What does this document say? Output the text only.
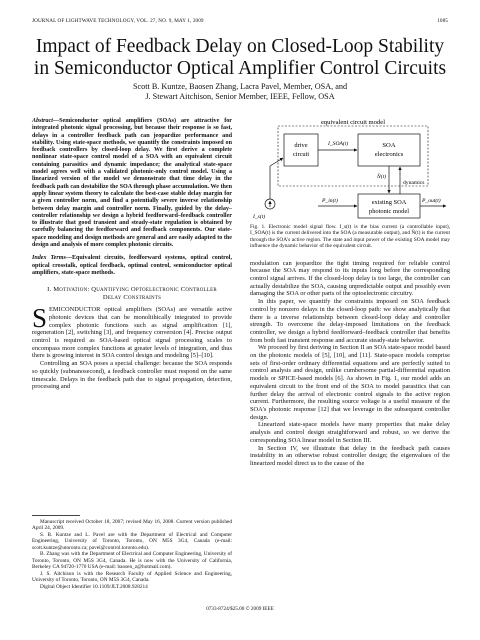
JOURNAL OF LIGHTWAVE TECHNOLOGY, VOL. 27, NO. 9, MAY 1, 2009	1085
Impact of Feedback Delay on Closed-Loop Stability
in Semiconductor Optical Amplifier Control Circuits
Scott B. Kuntze, Baosen Zhang, Lacra Pavel, Member, OSA, and
J. Stewart Aitchison, Senior Member, IEEE, Fellow, OSA

Abstract—Semiconductor optical amplifiers (SOAs) are attractive for integrated photonic signal processing, but because their response is so fast, delays in a controller feedback path can jeopardize performance and stability. Using state-space methods, we quantify the constraints imposed on feedback controllers by closed-loop delay. We first derive a complete nonlinear state-space control model of a SOA with an equivalent circuit containing parasitics and dynamic impedance; the analytical state-space model agrees well with a validated photonic-only control model. Using a linearized version of the model we demonstrate that time delay in the feedback path can destabilize the SOA through phase accumulation. We then apply linear system theory to calculate the best-case stable delay margin for a given controller norm, and find a potentially severe inverse relationship between delay margin and controller norm. Finally, guided by the delay–controller relationship we design a hybrid feedforward–feedback controller to illustrate that good transient and steady-state regulation is obtained by carefully balancing the feedforward and feedback components. Our state-space modeling and design methods are general and are easily adapted to the design and analysis of more complex photonic circuits.

Index Terms—Equivalent circuits, feedforward systems, optical control, optical crosstalk, optical feedback, optimal control, semiconductor optical amplifiers, state-space methods.

I. Motivation: Quantifying Optoelectronic Controller
Delay Constraints

SEMICONDUCTOR optical amplifiers (SOAs) are versatile active photonic devices that can be monolithically integrated to provide complex photonic functions such as signal amplification [1], regeneration [2], switching [3], and frequency conversion [4]. Precise output control is required as SOA-based optical signal processing scales to encompass more complex functions at greater levels of integration, and thus there is growing interest in SOA control design and modeling [5]–[10].

Controlling an SOA poses a special challenge: because the SOA responds so quickly (subnanosecond), a feedback controller must respond on the same timescale. Delays in the feedback path due to signal propagation, detection, processing and

Manuscript received October 18, 2007; revised May 16, 2008. Current version published April 24, 2009.

S. B. Kuntze and L. Pavel are with the Department of Electrical and Computer Engineering, University of Toronto, Toronto, ON M5S 3G4, Canada (e-mail: scott.kuntze@utoronto.ca; pavel@control.toronto.edu).

B. Zhang was with the Department of Electrical and Computer Engineering, University of Toronto, Toronto, ON M5S 3G4, Canada. He is now with the University of California, Berkeley CA 94720-1770 USA (e-mail: baosen_z@hotmail.com).

J. S. Aitchison is with the Research Faculty of Applied Science and Engineering, University of Toronto, Toronto, ON M5S 3G4, Canada.

Digital Object Identifier 10.1109/JLT.2008.928214

equivalent circuit model
drive
circuit
SOA
electronics
I_SOA(t)
I_s(t)
N̄(t)
dynamics
existing SOA
photonic model
P_in(t)	P_out(t)

Fig. 1. Electronic model signal flow. I_s(t) is the bias current (a controllable input), I_SOA(t) is the current delivered into the SOA (a measurable output), and N̄(t) is the current through the SOA's active region. The state and input power of the existing SOA model may influence the dynamic behavior of the equivalent circuit.

modulation can jeopardize the tight timing required for reliable control because the SOA may respond to its inputs long before the corresponding control signal arrives. If the closed-loop delay is too large, the controller can actually destabilize the SOA, causing unpredictable output and possibly even damaging the SOA or other parts of the optoelectronic circuitry.

In this paper, we quantify the constraints imposed on SOA feedback control by nonzero delays in the closed-loop path: we show analytically that there is a inverse relationship between closed-loop delay and controller strength. To overcome the delay-imposed limitations on the feedback controller, we design a hybrid feedforward–feedback controller that benefits from both fast transient response and accurate steady-state behavior.

We proceed by first deriving in Section II an SOA state-space model based on the photonic models of [5], [10], and [11]. State-space models comprise sets of first-order ordinary differential equations and are perfectly suited to control analysis and design, unlike cumbersome partial-differential equation models or SPICE-based models [6]. As shown in Fig. 1, our model adds an equivalent circuit to the front end of the SOA to model parasitics that can further delay the arrival of electronic control signals to the active region current. Furthermore, the resulting source voltage is a useful measure of the SOA's photonic response [12] that we leverage in the subsequent controller design.

Linearized state-space models have many properties that make delay analysis and control design straightforward and robust, so we derive the corresponding SOA linear model in Section III.

In Section IV, we illustrate that delay in the feedback path causes instability in an otherwise robust controller design; the eigenvalues of the linearized model direct us to the cause of the

0733-8724/$25.00 © 2009 IEEE
